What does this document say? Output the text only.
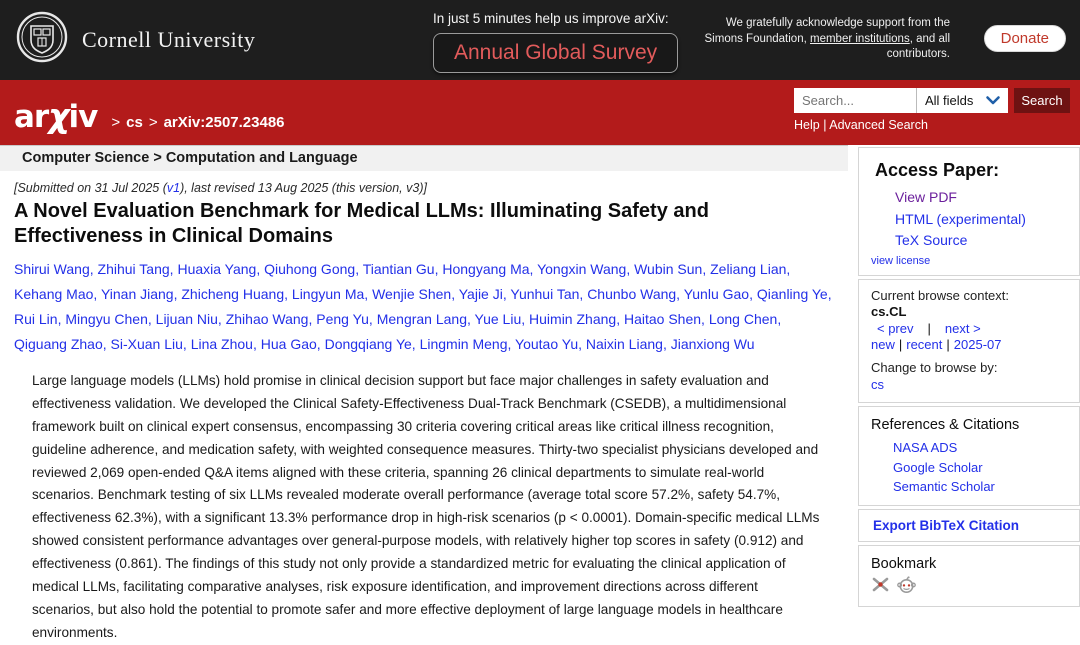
Cornell University
In just 5 minutes help us improve arXiv:
Annual Global Survey
We gratefully acknowledge support from the Simons Foundation, member institutions, and all contributors.
Donate
arχiv > cs > arXiv:2507.23486
Search...
All fields	Search
Help | Advanced Search
Computer Science > Computation and Language
[Submitted on 31 Jul 2025 (v1), last revised 13 Aug 2025 (this version, v3)]
A Novel Evaluation Benchmark for Medical LLMs: Illuminating Safety and Effectiveness in Clinical Domains
Shirui Wang, Zhihui Tang, Huaxia Yang, Qiuhong Gong, Tiantian Gu, Hongyang Ma, Yongxin Wang, Wubin Sun, Zeliang Lian, Kehang Mao, Yinan Jiang, Zhicheng Huang, Lingyun Ma, Wenjie Shen, Yajie Ji, Yunhui Tan, Chunbo Wang, Yunlu Gao, Qianling Ye, Rui Lin, Mingyu Chen, Lijuan Niu, Zhihao Wang, Peng Yu, Mengran Lang, Yue Liu, Huimin Zhang, Haitao Shen, Long Chen, Qiguang Zhao, Si-Xuan Liu, Lina Zhou, Hua Gao, Dongqiang Ye, Lingmin Meng, Youtao Yu, Naixin Liang, Jianxiong Wu

Large language models (LLMs) hold promise in clinical decision support but face major challenges in safety evaluation and effectiveness validation. We developed the Clinical Safety-Effectiveness Dual-Track Benchmark (CSEDB), a multidimensional framework built on clinical expert consensus, encompassing 30 criteria covering critical areas like critical illness recognition, guideline adherence, and medication safety, with weighted consequence measures. Thirty-two specialist physicians developed and reviewed 2,069 open-ended Q&A items aligned with these criteria, spanning 26 clinical departments to simulate real-world scenarios. Benchmark testing of six LLMs revealed moderate overall performance (average total score 57.2%, safety 54.7%, effectiveness 62.3%), with a significant 13.3% performance drop in high-risk scenarios (p < 0.0001). Domain-specific medical LLMs showed consistent performance advantages over general-purpose models, with relatively higher top scores in safety (0.912) and effectiveness (0.861). The findings of this study not only provide a standardized metric for evaluating the clinical application of medical LLMs, facilitating comparative analyses, risk exposure identification, and improvement directions across different scenarios, but also hold the potential to promote safer and more effective deployment of large language models in healthcare environments.

Access Paper:
View PDF
HTML (experimental)
TeX Source
view license
Current browse context:
cs.CL
< prev | next >
new | recent | 2025-07
Change to browse by:
cs
References & Citations
NASA ADS
Google Scholar
Semantic Scholar
Export BibTeX Citation
Bookmark
